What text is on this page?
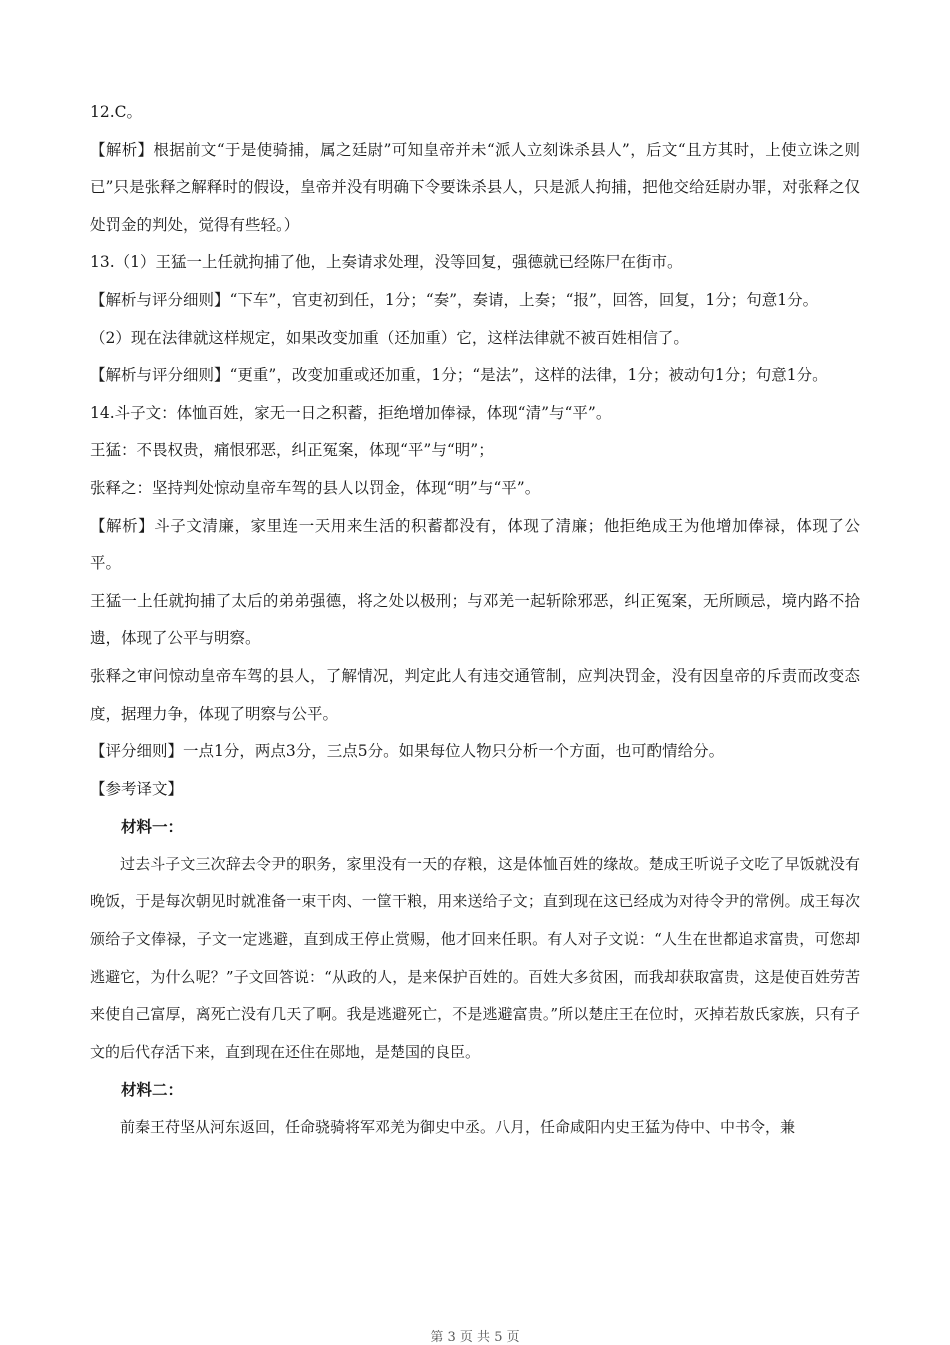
12.C。

【解析】根据前文“于是使骑捕，属之廷尉”可知皇帝并未“派人立刻诛杀县人”，后文“且方其时，上使立诛之则已”只是张释之解释时的假设，皇帝并没有明确下令要诛杀县人，只是派人拘捕，把他交给廷尉办罪，对张释之仅处罚金的判处，觉得有些轻。）

13.（1）王猛一上任就拘捕了他，上奏请求处理，没等回复，强德就已经陈尸在街市。

【解析与评分细则】“下车”，官吏初到任，1分；“奏”，奏请，上奏；“报”，回答，回复，1分；句意1分。

（2）现在法律就这样规定，如果改变加重（还加重）它，这样法律就不被百姓相信了。

【解析与评分细则】“更重”，改变加重或还加重，1分；“是法”，这样的法律，1分；被动句1分；句意1分。

14.斗子文：体恤百姓，家无一日之积蓄，拒绝增加俸禄，体现“清”与“平”。

王猛：不畏权贵，痛恨邪恶，纠正冤案，体现“平”与“明”；

张释之：坚持判处惊动皇帝车驾的县人以罚金，体现“明”与“平”。

【解析】斗子文清廉，家里连一天用来生活的积蓄都没有，体现了清廉；他拒绝成王为他增加俸禄，体现了公平。

王猛一上任就拘捕了太后的弟弟强德，将之处以极刑；与邓羌一起斩除邪恶，纠正冤案，无所顾忌，境内路不拾遗，体现了公平与明察。

张释之审问惊动皇帝车驾的县人，了解情况，判定此人有违交通管制，应判决罚金，没有因皇帝的斥责而改变态度，据理力争，体现了明察与公平。

【评分细则】一点1分，两点3分，三点5分。如果每位人物只分析一个方面，也可酌情给分。

【参考译文】

材料一：

过去斗子文三次辞去令尹的职务，家里没有一天的存粮，这是体恤百姓的缘故。楚成王听说子文吃了早饭就没有晚饭，于是每次朝见时就准备一束干肉、一筐干粮，用来送给子文；直到现在这已经成为对待令尹的常例。成王每次颁给子文俸禄，子文一定逃避，直到成王停止赏赐，他才回来任职。有人对子文说：“人生在世都追求富贵，可您却逃避它，为什么呢？”子文回答说：“从政的人，是来保护百姓的。百姓大多贫困，而我却获取富贵，这是使百姓劳苦来使自己富厚，离死亡没有几天了啊。我是逃避死亡，不是逃避富贵。”所以楚庄王在位时，灭掉若敖氏家族，只有子文的后代存活下来，直到现在还住在郧地，是楚国的良臣。

材料二：

前秦王苻坚从河东返回，任命骁骑将军邓羌为御史中丞。八月，任命咸阳内史王猛为侍中、中书令，兼

第 3 页 共 5 页
